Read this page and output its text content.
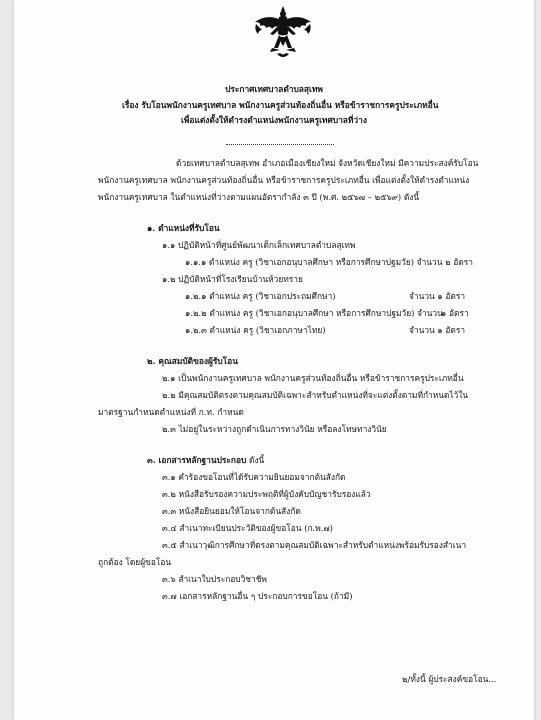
ประกาศเทศบาลตำบลสุเทพ
เรื่อง รับโอนพนักงานครูเทศบาล พนักงานครูส่วนท้องถิ่นอื่น หรือข้าราชการครูประเภทอื่น
เพื่อแต่งตั้งให้ดำรงตำแหน่งพนักงานครูเทศบาลที่ว่าง
ด้วยเทศบาลตำบลสุเทพ อำเภอเมืองเชียงใหม่ จังหวัดเชียงใหม่ มีความประสงค์รับโอน
พนักงานครูเทศบาล พนักงานครูส่วนท้องถิ่นอื่น หรือข้าราชการครูประเภทอื่น เพื่อแต่งตั้งให้ดำรงตำแหน่ง
พนักงานครูเทศบาล ในตำแหน่งที่ว่างตามแผนอัตรากำลัง ๓ ปี (พ.ศ. ๒๕๖๗ – ๒๕๖๙) ดังนี้
๑. ตำแหน่งที่รับโอน
๑.๑ ปฏิบัติหน้าที่ศูนย์พัฒนาเด็กเล็กเทศบาลตำบลสุเทพ
๑.๑.๑ ตำแหน่ง ครู (วิชาเอกอนุบาลศึกษา หรือการศึกษาปฐมวัย) จำนวน ๒ อัตรา
๑.๒ ปฏิบัติหน้าที่โรงเรียนบ้านห้วยทราย
๑.๒.๑ ตำแหน่ง ครู (วิชาเอกประถมศึกษา)	จำนวน ๑ อัตรา
๑.๒.๒ ตำแหน่ง ครู (วิชาเอกอนุบาลศึกษา หรือการศึกษาปฐมวัย) จำนวน
๑ อัตรา
๑.๒.๓ ตำแหน่ง ครู (วิชาเอกภาษาไทย)	จำนวน ๑ อัตรา
๒. คุณสมบัติของผู้รับโอน
๒.๑ เป็นพนักงานครูเทศบาล พนักงานครูส่วนท้องถิ่นอื่น หรือข้าราชการครูประเภทอื่น
๒.๒ มีคุณสมบัติตรงตามคุณสมบัติเฉพาะสำหรับตำแหน่งที่จะแต่งตั้งตามที่กำหนดไว้ใน
มาตรฐานกำหนดตำแหน่งที่ ก.ท. กำหนด
๒.๓ ไม่อยู่ในระหว่างถูกดำเนินการทางวินัย หรือลงโทษทางวินัย
๓. เอกสารหลักฐานประกอบ ดังนี้
๓.๑ คำร้องขอโอนที่ได้รับความยินยอมจากต้นสังกัด
๓.๒ หนังสือรับรองความประพฤติที่ผู้บังคับบัญชารับรองแล้ว
๓.๓ หนังสือยินยอมให้โอนจากต้นสังกัด
๓.๔ สำเนาทะเบียนประวัติของผู้ขอโอน (ก.พ.๗)
๓.๕ สำเนาวุฒิการศึกษาที่ตรงตามคุณสมบัติเฉพาะสำหรับตำแหน่งพร้อมรับรองสำเนา
ถูกต้อง โดยผู้ขอโอน
๓.๖ สำเนาใบประกอบวิชาชีพ
๓.๗ เอกสารหลักฐานอื่น ๆ ประกอบการขอโอน (ถ้ามี)
๒/ทั้งนี้ ผู้ประสงค์ขอโอน...
